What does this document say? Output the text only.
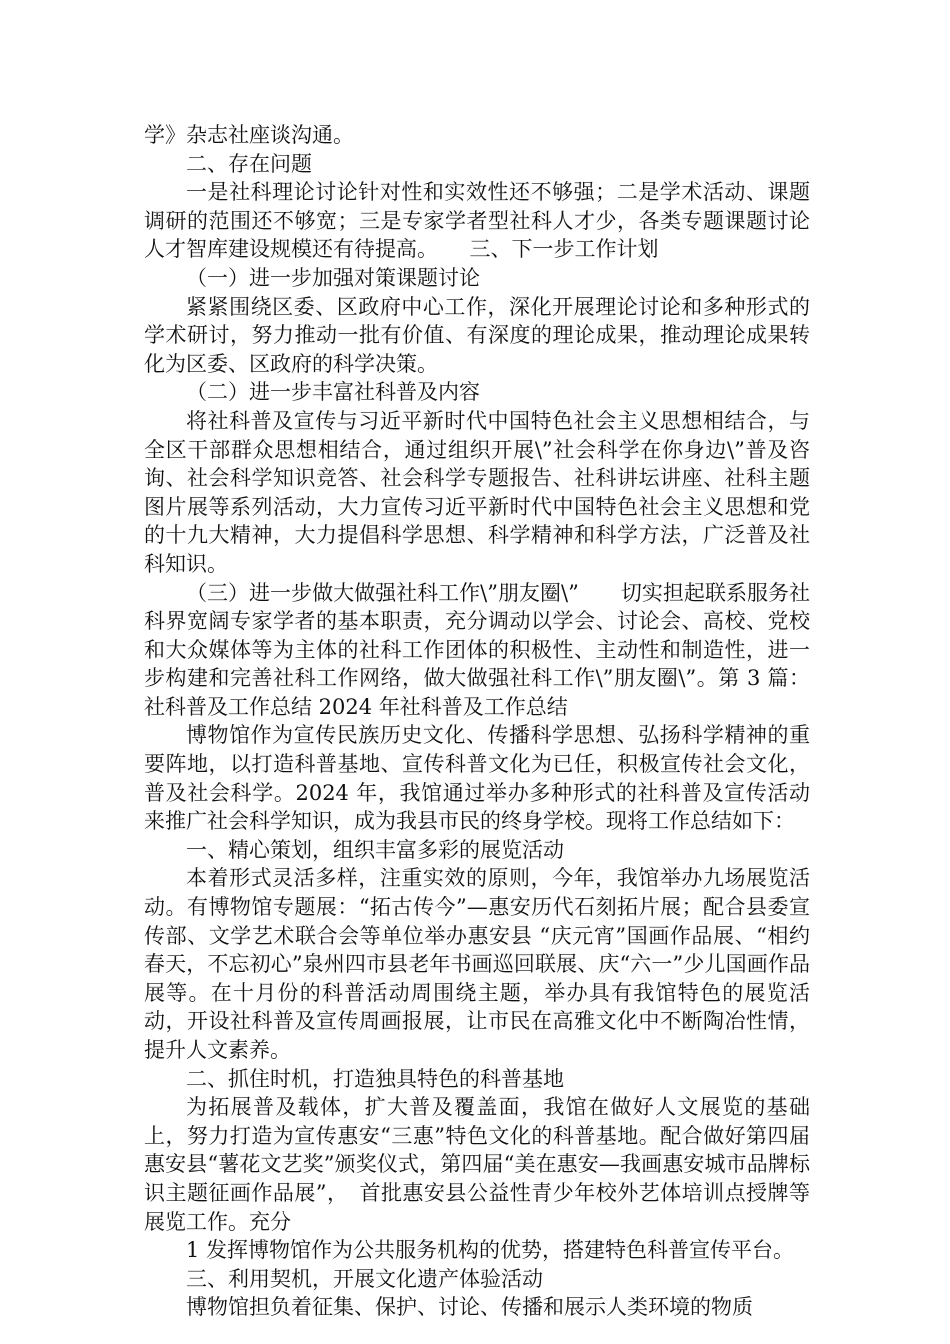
学》杂志社座谈沟通。

二、存在问题

一是社科理论讨论针对性和实效性还不够强；二是学术活动、课题调研的范围还不够宽；三是专家学者型社科人才少，各类专题课题讨论人才智库建设规模还有待提高。　　三、下一步工作计划

（一）进一步加强对策课题讨论

紧紧围绕区委、区政府中心工作，深化开展理论讨论和多种形式的学术研讨，努力推动一批有价值、有深度的理论成果，推动理论成果转化为区委、区政府的科学决策。

（二）进一步丰富社科普及内容

将社科普及宣传与习近平新时代中国特色社会主义思想相结合，与全区干部群众思想相结合，通过组织开展\”社会科学在你身边\”普及咨询、社会科学知识竞答、社会科学专题报告、社科讲坛讲座、社科主题图片展等系列活动，大力宣传习近平新时代中国特色社会主义思想和党的十九大精神，大力提倡科学思想、科学精神和科学方法，广泛普及社科知识。

（三）进一步做大做强社科工作\”朋友圈\”　　切实担起联系服务社科界宽阔专家学者的基本职责，充分调动以学会、讨论会、高校、党校和大众媒体等为主体的社科工作团体的积极性、主动性和制造性，进一步构建和完善社科工作网络，做大做强社科工作\”朋友圈\”。第 3 篇：社科普及工作总结 2024 年社科普及工作总结

博物馆作为宣传民族历史文化、传播科学思想、弘扬科学精神的重要阵地，以打造科普基地、宣传科普文化为已任，积极宣传社会文化，普及社会科学。2024 年，我馆通过举办多种形式的社科普及宣传活动来推广社会科学知识，成为我县市民的终身学校。现将工作总结如下：

一、精心策划，组织丰富多彩的展览活动

本着形式灵活多样，注重实效的原则，今年，我馆举办九场展览活动。有博物馆专题展：“拓古传今”—惠安历代石刻拓片展；配合县委宣传部、文学艺术联合会等单位举办惠安县 “庆元宵”国画作品展、“相约春天，不忘初心”泉州四市县老年书画巡回联展、庆“六一”少儿国画作品展等。在十月份的科普活动周围绕主题，举办具有我馆特色的展览活动，开设社科普及宣传周画报展，让市民在高雅文化中不断陶冶性情，提升人文素养。

二、抓住时机，打造独具特色的科普基地

为拓展普及载体，扩大普及覆盖面，我馆在做好人文展览的基础上，努力打造为宣传惠安“三惠”特色文化的科普基地。配合做好第四届惠安县“薯花文艺奖”颁奖仪式，第四届“美在惠安—我画惠安城市品牌标识主题征画作品展”，　首批惠安县公益性青少年校外艺体培训点授牌等展览工作。充分

1 发挥博物馆作为公共服务机构的优势，搭建特色科普宣传平台。

三、利用契机，开展文化遗产体验活动

博物馆担负着征集、保护、讨论、传播和展示人类环境的物质
